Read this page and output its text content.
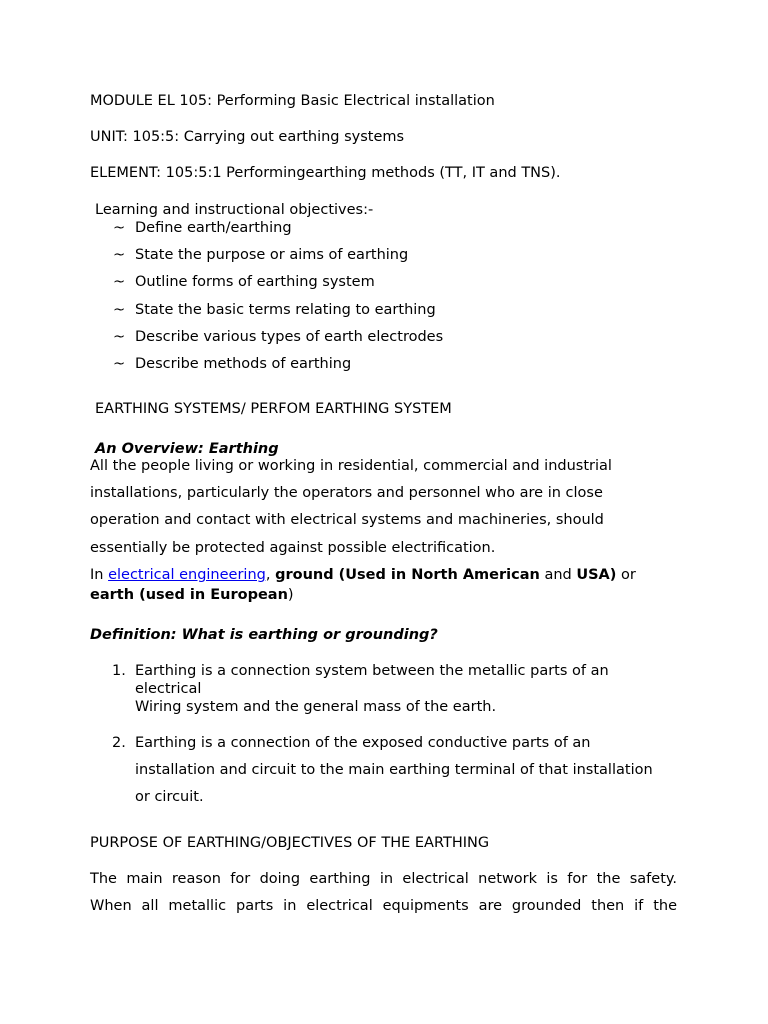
MODULE EL 105: Performing Basic Electrical installation
UNIT: 105:5: Carrying out earthing systems
ELEMENT: 105:5:1 Performingearthing methods (TT, IT and TNS).
Learning and instructional objectives:-
~ Define earth/earthing
~ State the purpose or aims of earthing
~ Outline forms of earthing system
~ State the basic terms relating to earthing
~ Describe various types of earth electrodes
~ Describe methods of earthing
EARTHING SYSTEMS/ PERFOM EARTHING SYSTEM
An Overview: Earthing
All the people living or working in residential, commercial and industrial
installations, particularly the operators and personnel who are in close
operation and contact with electrical systems and machineries, should
essentially be protected against possible electrification.
In electrical engineering, ground (Used in North American and USA) or
earth (used in European)
Definition: What is earthing or grounding?
1. Earthing is a connection system between the metallic parts of an
electrical
Wiring system and the general mass of the earth.
2. Earthing is a connection of the exposed conductive parts of an
installation and circuit to the main earthing terminal of that installation
or circuit.
PURPOSE OF EARTHING/OBJECTIVES OF THE EARTHING
The main reason for doing earthing in electrical network is for the safety.
When all metallic parts in electrical equipments are grounded then if the
